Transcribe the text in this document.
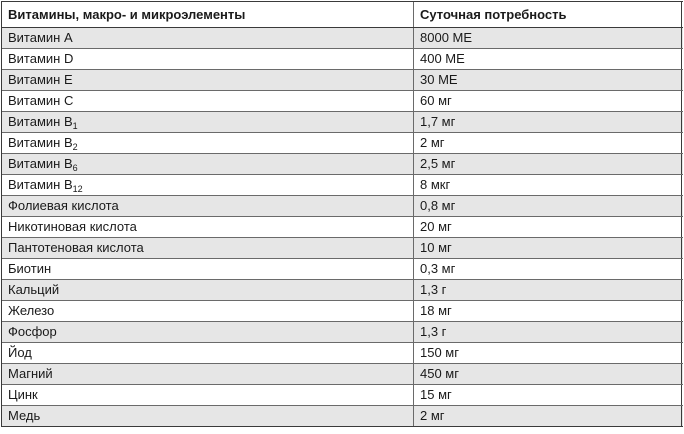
Витамины, макро- и микроэлементы	Суточная потребность
Витамин A	8000 МЕ
Витамин D	400 МЕ
Витамин E	30 МЕ
Витамин C	60 мг
Витамин $B_1$	1,7 мг
Витамин $B_2$	2 мг
Витамин $B_6$	2,5 мг
Витамин $B_{12}$	8 мкг
Фолиевая кислота	0,8 мг
Никотиновая кислота	20 мг
Пантотеновая кислота	10 мг
Биотин	0,3 мг
Кальций	1,3 г
Железо	18 мг
Фосфор	1,3 г
Йод	150 мг
Магний	450 мг
Цинк	15 мг
Медь	2 мг
